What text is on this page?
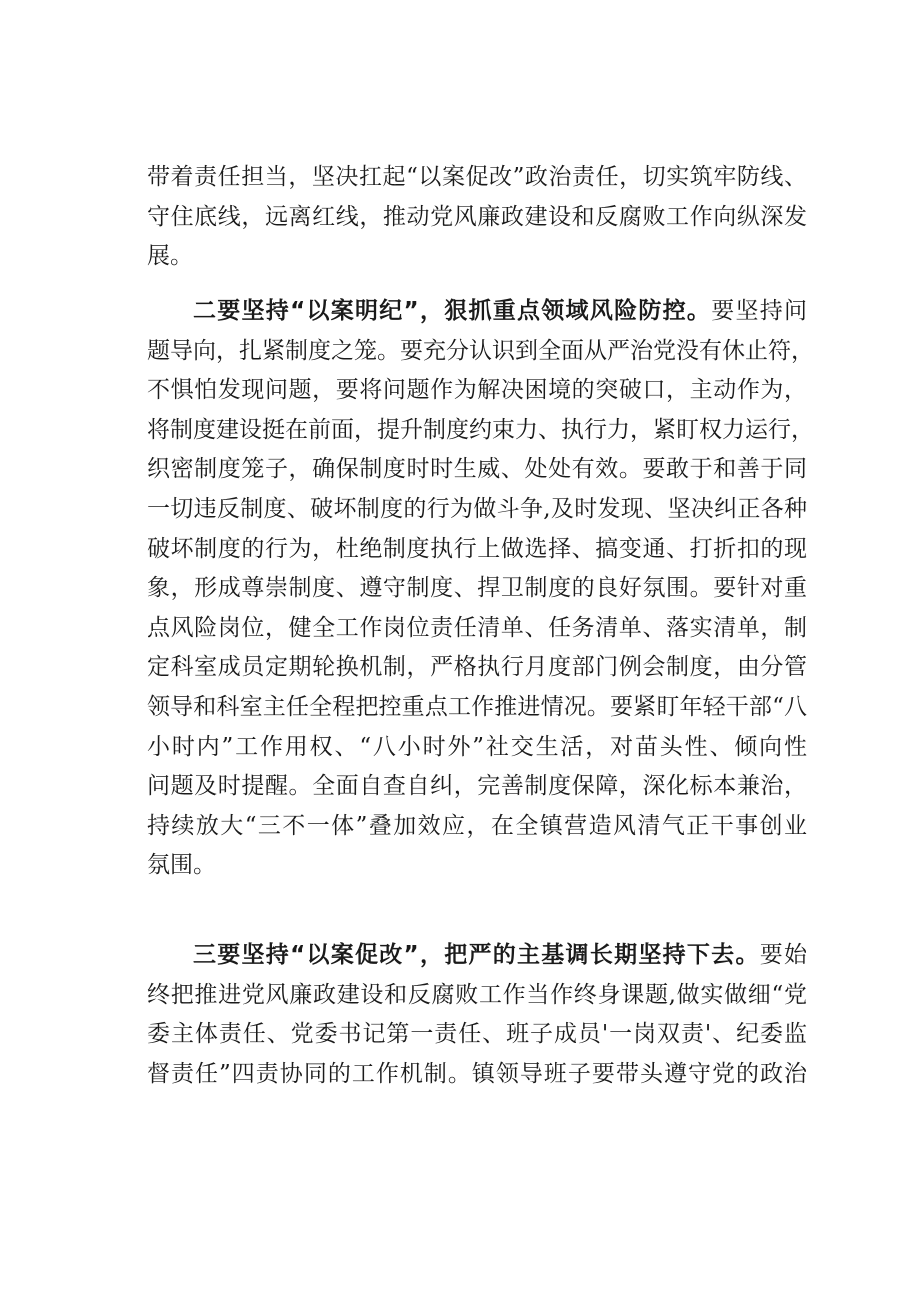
带着责任担当，坚决扛起“以案促改”政治责任，切实筑牢防线、
守住底线，远离红线，推动党风廉政建设和反腐败工作向纵深发
展。
二要坚持“以案明纪”，狠抓重点领域风险防控。要坚持问
题导向，扎紧制度之笼。要充分认识到全面从严治党没有休止符，
不惧怕发现问题，要将问题作为解决困境的突破口，主动作为，
将制度建设挺在前面，提升制度约束力、执行力，紧盯权力运行，
织密制度笼子，确保制度时时生威、处处有效。要敢于和善于同
一切违反制度、破坏制度的行为做斗争,及时发现、坚决纠正各种
破坏制度的行为，杜绝制度执行上做选择、搞变通、打折扣的现
象，形成尊崇制度、遵守制度、捍卫制度的良好氛围。要针对重
点风险岗位，健全工作岗位责任清单、任务清单、落实清单，制
定科室成员定期轮换机制，严格执行月度部门例会制度，由分管
领导和科室主任全程把控重点工作推进情况。要紧盯年轻干部“八
小时内”工作用权、“八小时外”社交生活，对苗头性、倾向性
问题及时提醒。全面自查自纠，完善制度保障，深化标本兼治，
持续放大“三不一体”叠加效应，在全镇营造风清气正干事创业
氛围。
三要坚持“以案促改”，把严的主基调长期坚持下去。要始
终把推进党风廉政建设和反腐败工作当作终身课题,做实做细“党
委主体责任、党委书记第一责任、班子成员'一岗双责'、纪委监
督责任”四责协同的工作机制。镇领导班子要带头遵守党的政治
